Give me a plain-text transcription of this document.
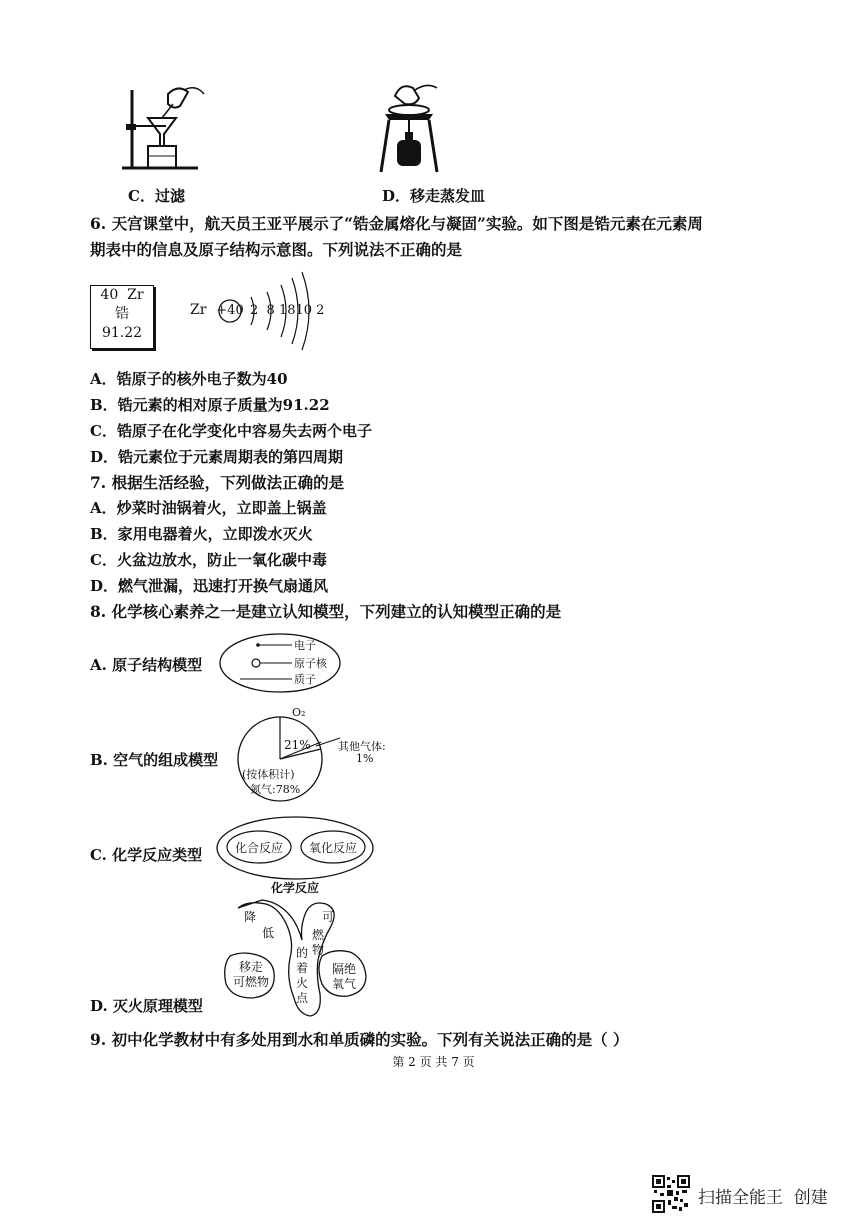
C．过滤	D．移走蒸发皿
6. 天宫课堂中，航天员王亚平展示了“锆金属熔化与凝固”实验。如下图是锆元素在元素周
期表中的信息及原子结构示意图。下列说法不正确的是
40 Zr
锆
91.22
Zr +40 2  8 1810 2
A．锆原子的核外电子数为40
B．锆元素的相对原子质量为91.22
C．锆原子在化学变化中容易失去两个电子
D．锆元素位于元素周期表的第四周期
7. 根据生活经验，下列做法正确的是
A．炒菜时油锅着火，立即盖上锅盖
B．家用电器着火，立即泼水灭火
C．火盆边放水，防止一氧化碳中毒
D．燃气泄漏，迅速打开换气扇通风
8. 化学核心素养之一是建立认知模型，下列建立的认知模型正确的是
A. 原子结构模型
电子
原子核
质子
B. 空气的组成模型
O₂
21% 其他气体:
1%
(按体积计)
氮气:78%
C. 化学反应类型	化合反应	氧化反应
化学反应
D. 灭火原理模型
降
低
可
燃
物
的
着
火
点
移走
可燃物
隔绝
氧气
9. 初中化学教材中有多处用到水和单质磷的实验。下列有关说法正确的是（ ）
第 2 页 共 7 页
扫描全能王  创建
